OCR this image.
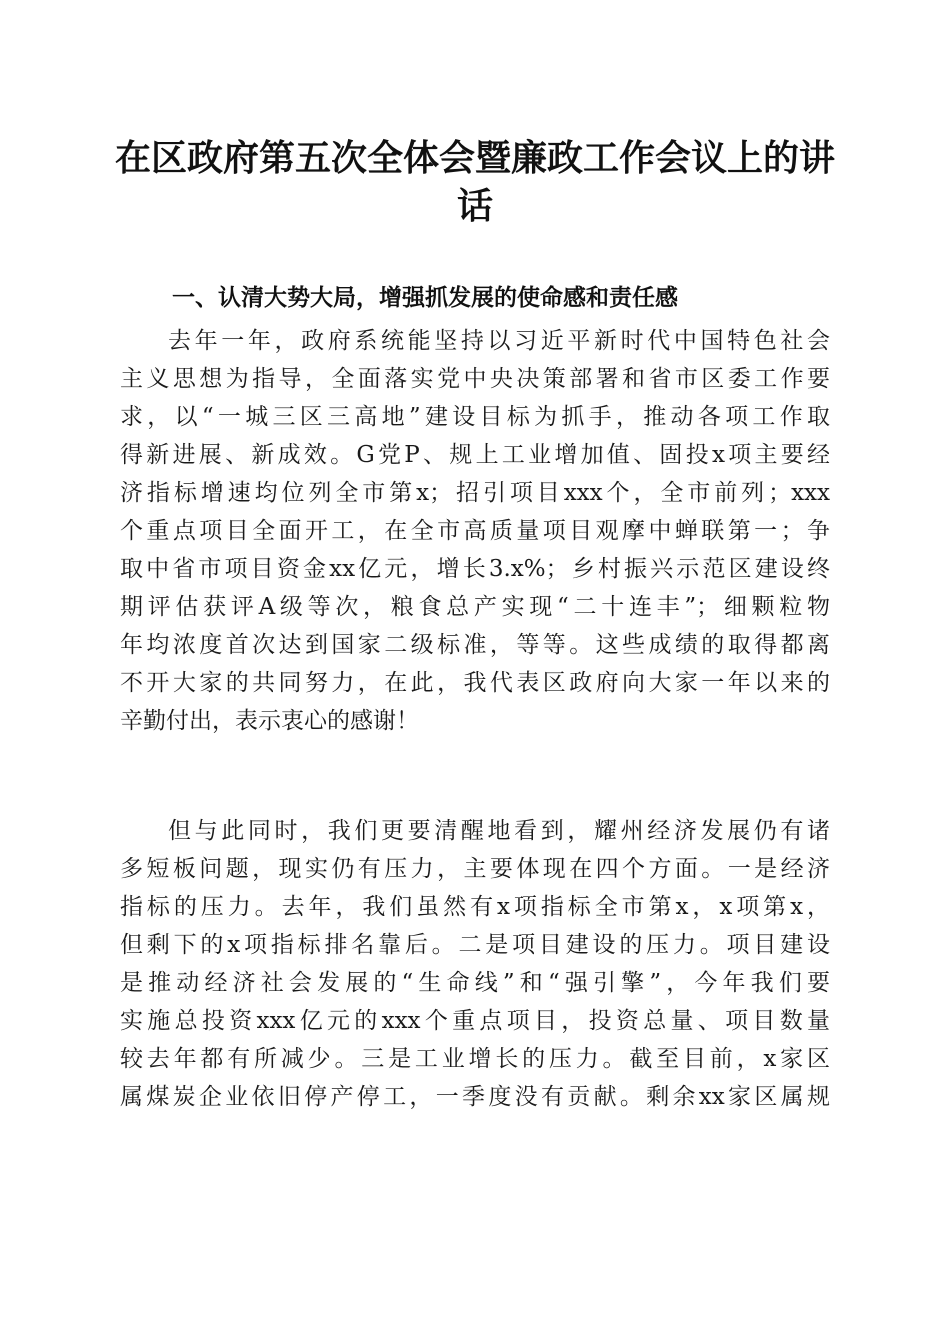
在区政府第五次全体会暨廉政工作会议上的讲话
一、认清大势大局，增强抓发展的使命感和责任感
去年一年，政府系统能坚持以习近平新时代中国特色社会
主义思想为指导，全面落实党中央决策部署和省市区委工作要
求，以“一城三区三高地”建设目标为抓手，推动各项工作取
得新进展、新成效。G党P、规上工业增加值、固投x项主要经
济指标增速均位列全市第x；招引项目xxx个，全市前列；xxx
个重点项目全面开工，在全市高质量项目观摩中蝉联第一；争
取中省市项目资金xx亿元，增长3.x%；乡村振兴示范区建设终
期评估获评A级等次，粮食总产实现“二十连丰”；细颗粒物
年均浓度首次达到国家二级标准，等等。这些成绩的取得都离
不开大家的共同努力，在此，我代表区政府向大家一年以来的
辛勤付出，表示衷心的感谢！
但与此同时，我们更要清醒地看到，耀州经济发展仍有诸
多短板问题，现实仍有压力，主要体现在四个方面。一是经济
指标的压力。去年，我们虽然有x项指标全市第x，x项第x，
但剩下的x项指标排名靠后。二是项目建设的压力。项目建设
是推动经济社会发展的“生命线”和“强引擎”，今年我们要
实施总投资xxx亿元的xxx个重点项目，投资总量、项目数量
较去年都有所减少。三是工业增长的压力。截至目前，x家区
属煤炭企业依旧停产停工，一季度没有贡献。剩余xx家区属规
